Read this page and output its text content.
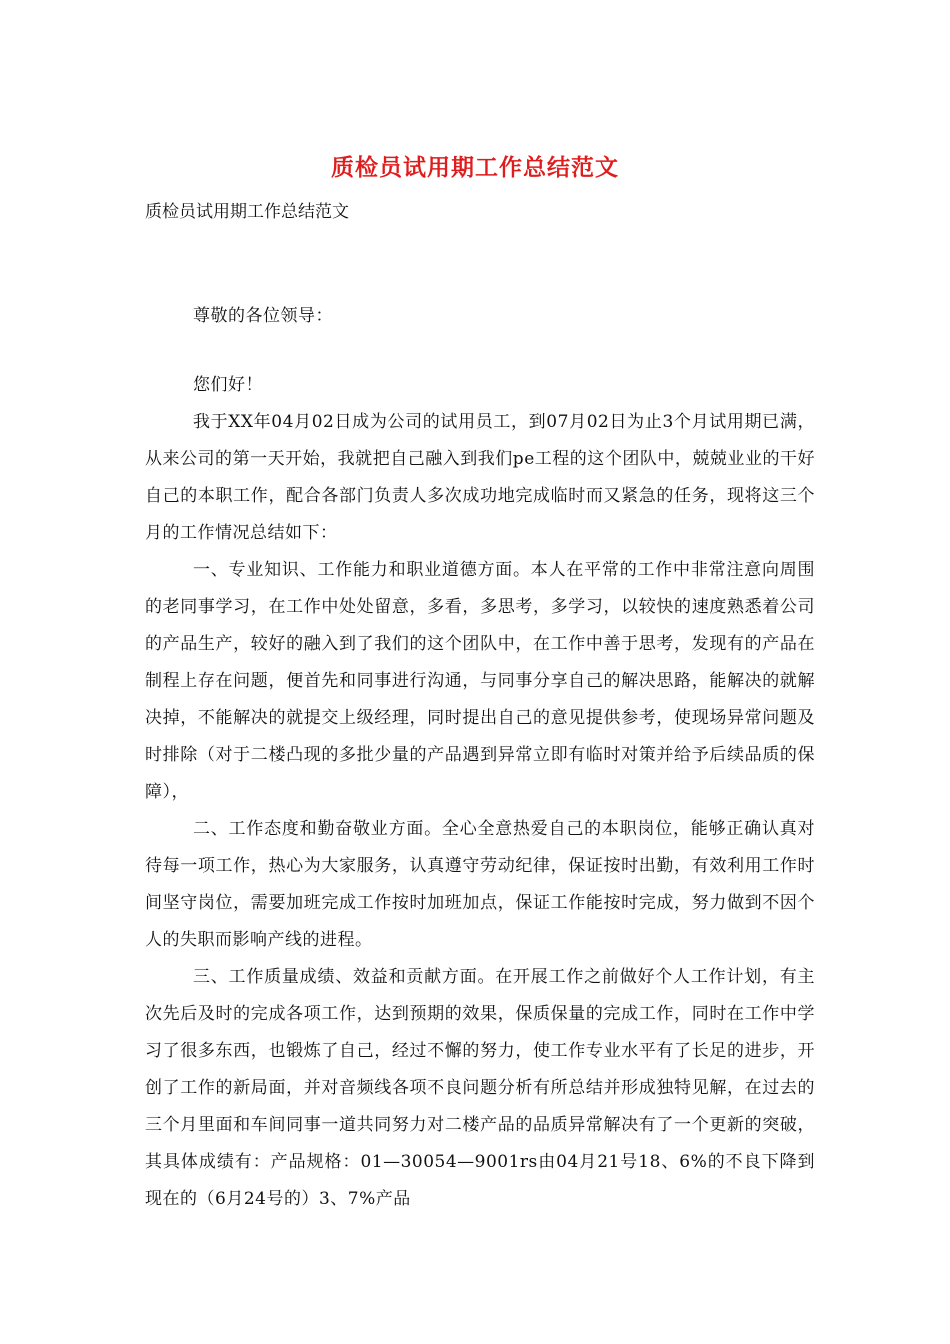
质检员试用期工作总结范文
质检员试用期工作总结范文
尊敬的各位领导：
您们好！

我于XX年04月02日成为公司的试用员工，到07月02日为止3个月试用期已满，从来公司的第一天开始，我就把自己融入到我们pe工程的这个团队中，兢兢业业的干好自己的本职工作，配合各部门负责人多次成功地完成临时而又紧急的任务，现将这三个月的工作情况总结如下：

一、专业知识、工作能力和职业道德方面。本人在平常的工作中非常注意向周围的老同事学习，在工作中处处留意，多看，多思考，多学习，以较快的速度熟悉着公司的产品生产，较好的融入到了我们的这个团队中，在工作中善于思考，发现有的产品在制程上存在问题，便首先和同事进行沟通，与同事分享自己的解决思路，能解决的就解决掉，不能解决的就提交上级经理，同时提出自己的意见提供参考，使现场异常问题及时排除（对于二楼凸现的多批少量的产品遇到异常立即有临时对策并给予后续品质的保障），

二、工作态度和勤奋敬业方面。全心全意热爱自己的本职岗位，能够正确认真对待每一项工作，热心为大家服务，认真遵守劳动纪律，保证按时出勤，有效利用工作时间坚守岗位，需要加班完成工作按时加班加点，保证工作能按时完成，努力做到不因个人的失职而影响产线的进程。

三、工作质量成绩、效益和贡献方面。在开展工作之前做好个人工作计划，有主次先后及时的完成各项工作，达到预期的效果，保质保量的完成工作，同时在工作中学习了很多东西，也锻炼了自己，经过不懈的努力，使工作专业水平有了长足的进步，开创了工作的新局面，并对音频线各项不良问题分析有所总结并形成独特见解，在过去的三个月里面和车间同事一道共同努力对二楼产品的品质异常解决有了一个更新的突破，其具体成绩有：产品规格：01—30054—9001rs由04月21号18、6%的不良下降到现在的（6月24号的）3、7%产品
